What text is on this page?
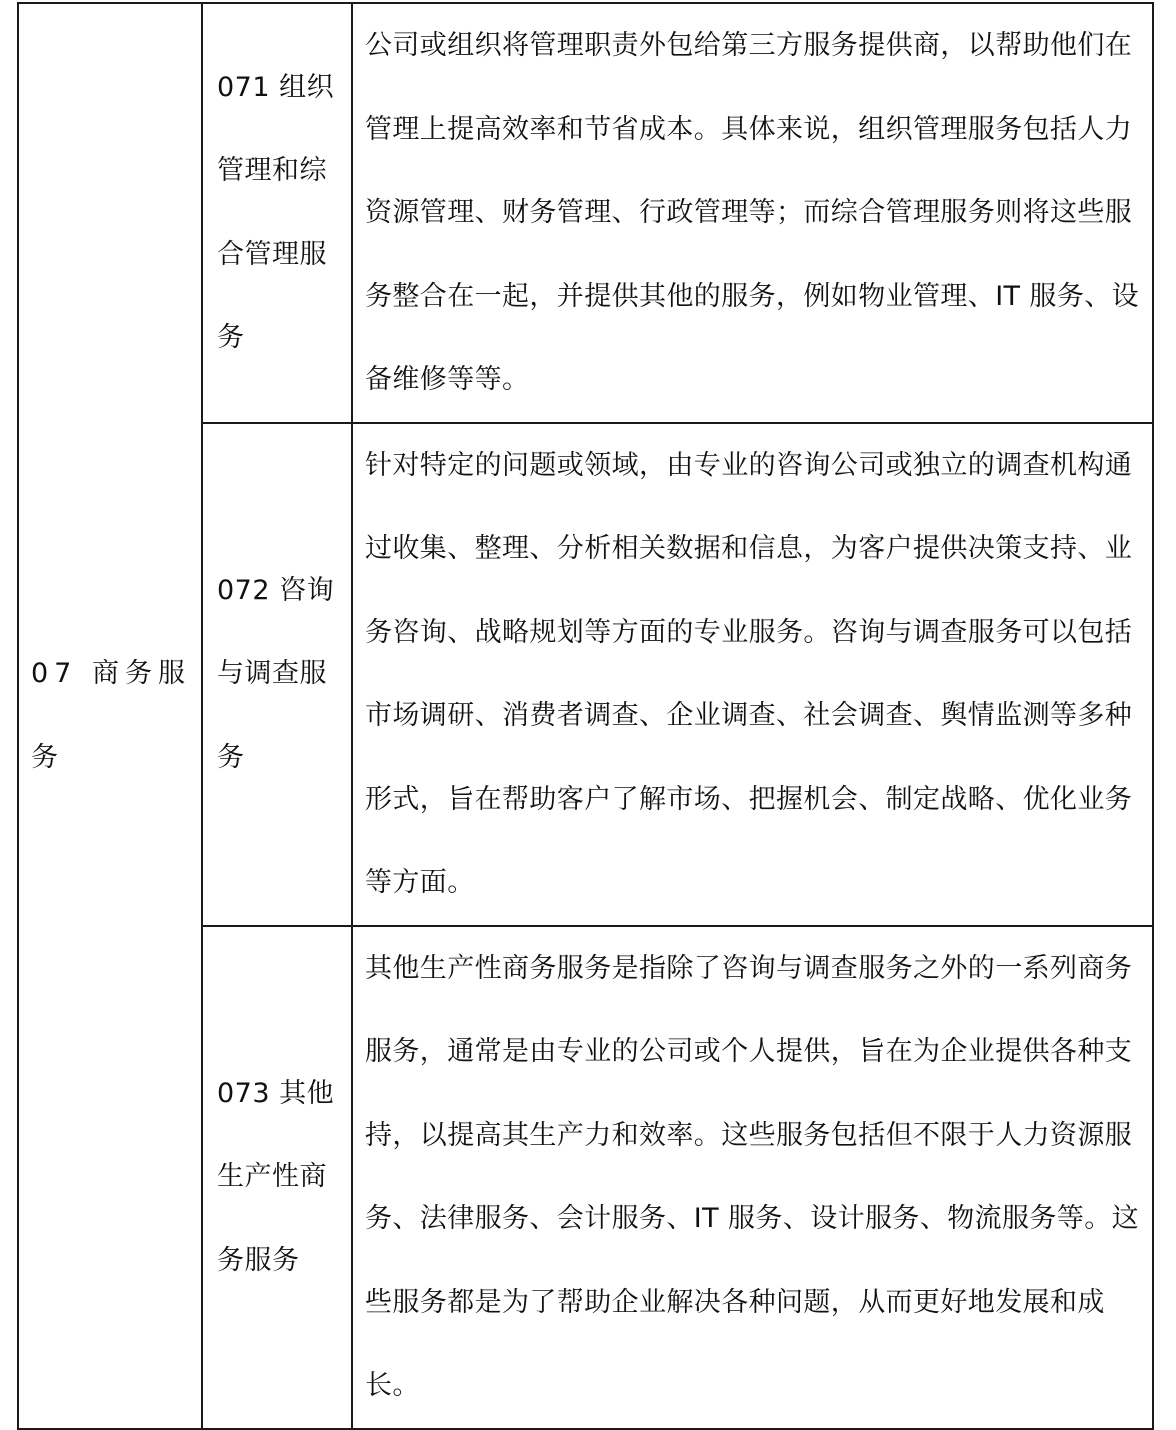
07 商务服务	071 组织管理和综合管理服务	公司或组织将管理职责外包给第三方服务提供商，以帮助他们在管理上提高效率和节省成本。具体来说，组织管理服务包括人力资源管理、财务管理、行政管理等；而综合管理服务则将这些服务整合在一起，并提供其他的服务，例如物业管理、IT 服务、设备维修等等。

	072 咨询与调查服务	针对特定的问题或领域，由专业的咨询公司或独立的调查机构通过收集、整理、分析相关数据和信息，为客户提供决策支持、业务咨询、战略规划等方面的专业服务。咨询与调查服务可以包括市场调研、消费者调查、企业调查、社会调查、舆情监测等多种形式，旨在帮助客户了解市场、把握机会、制定战略、优化业务等方面。

	073 其他生产性商务服务	其他生产性商务服务是指除了咨询与调查服务之外的一系列商务服务，通常是由专业的公司或个人提供，旨在为企业提供各种支持，以提高其生产力和效率。这些服务包括但不限于人力资源服务、法律服务、会计服务、IT 服务、设计服务、物流服务等。这些服务都是为了帮助企业解决各种问题，从而更好地发展和成长。
